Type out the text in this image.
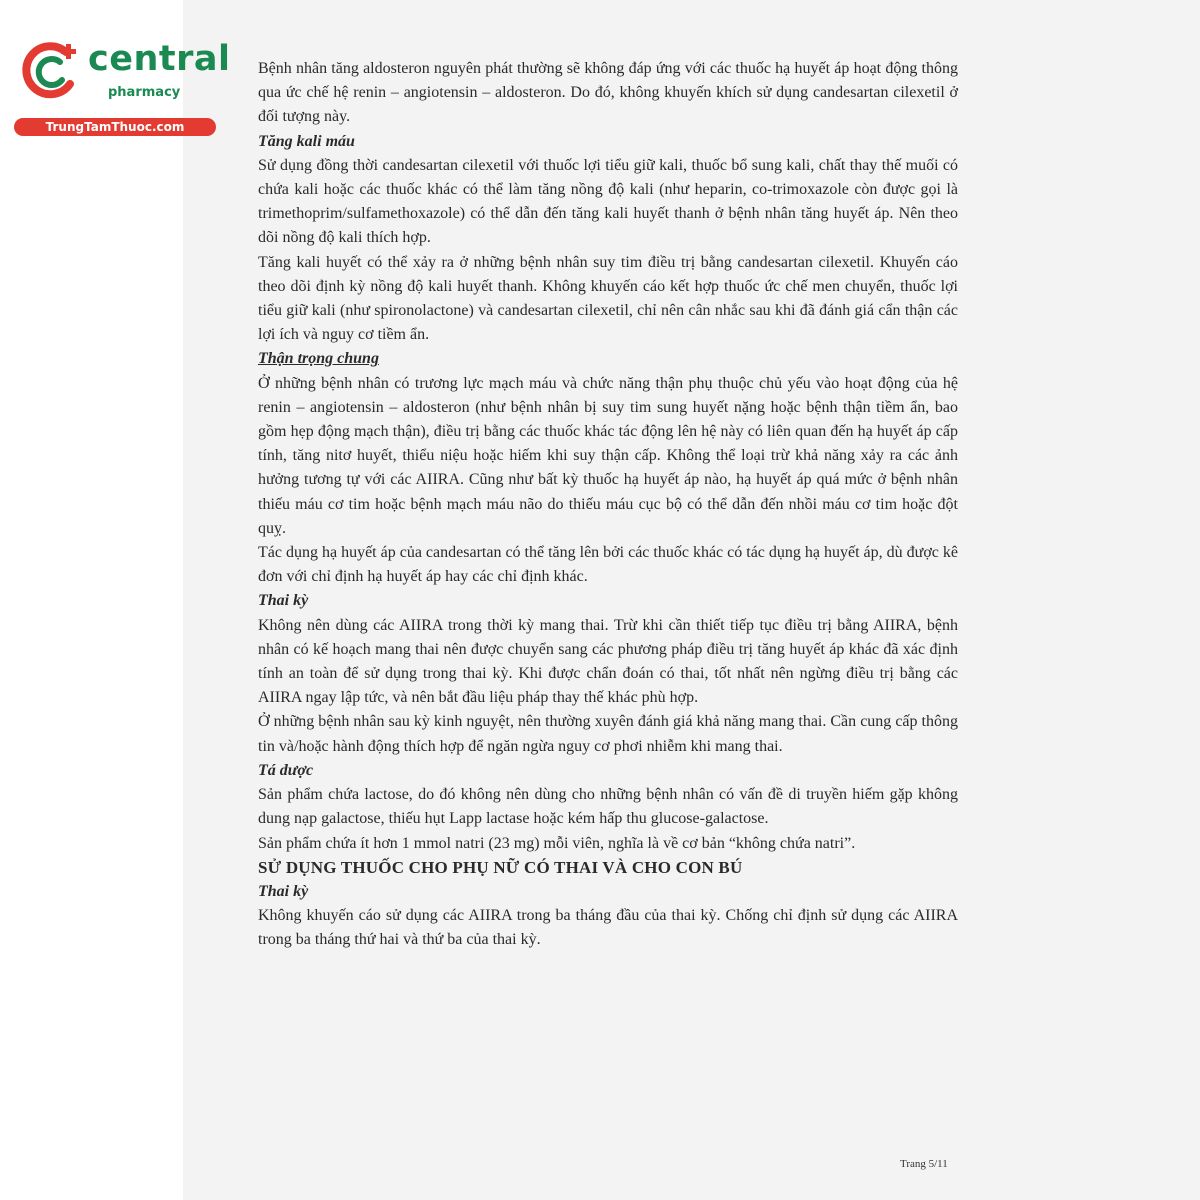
central
pharmacy
TrungTamThuoc.com

Bệnh nhân tăng aldosteron nguyên phát thường sẽ không đáp ứng với các thuốc hạ huyết áp hoạt động thông qua ức chế hệ renin – angiotensin – aldosteron. Do đó, không khuyến khích sử dụng candesartan cilexetil ở đối tượng này.

Tăng kali máu

Sử dụng đồng thời candesartan cilexetil với thuốc lợi tiểu giữ kali, thuốc bổ sung kali, chất thay thế muối có chứa kali hoặc các thuốc khác có thể làm tăng nồng độ kali (như heparin, co-trimoxazole còn được gọi là trimethoprim/sulfamethoxazole) có thể dẫn đến tăng kali huyết thanh ở bệnh nhân tăng huyết áp. Nên theo dõi nồng độ kali thích hợp.

Tăng kali huyết có thể xảy ra ở những bệnh nhân suy tim điều trị bằng candesartan cilexetil. Khuyến cáo theo dõi định kỳ nồng độ kali huyết thanh. Không khuyến cáo kết hợp thuốc ức chế men chuyển, thuốc lợi tiểu giữ kali (như spironolactone) và candesartan cilexetil, chỉ nên cân nhắc sau khi đã đánh giá cẩn thận các lợi ích và nguy cơ tiềm ẩn.

Thận trọng chung

Ở những bệnh nhân có trương lực mạch máu và chức năng thận phụ thuộc chủ yếu vào hoạt động của hệ renin – angiotensin – aldosteron (như bệnh nhân bị suy tim sung huyết nặng hoặc bệnh thận tiềm ẩn, bao gồm hẹp động mạch thận), điều trị bằng các thuốc khác tác động lên hệ này có liên quan đến hạ huyết áp cấp tính, tăng nitơ huyết, thiểu niệu hoặc hiếm khi suy thận cấp. Không thể loại trừ khả năng xảy ra các ảnh hưởng tương tự với các AIIRA. Cũng như bất kỳ thuốc hạ huyết áp nào, hạ huyết áp quá mức ở bệnh nhân thiếu máu cơ tim hoặc bệnh mạch máu não do thiếu máu cục bộ có thể dẫn đến nhồi máu cơ tim hoặc đột quỵ.

Tác dụng hạ huyết áp của candesartan có thể tăng lên bởi các thuốc khác có tác dụng hạ huyết áp, dù được kê đơn với chỉ định hạ huyết áp hay các chỉ định khác.

Thai kỳ

Không nên dùng các AIIRA trong thời kỳ mang thai. Trừ khi cần thiết tiếp tục điều trị bằng AIIRA, bệnh nhân có kế hoạch mang thai nên được chuyển sang các phương pháp điều trị tăng huyết áp khác đã xác định tính an toàn để sử dụng trong thai kỳ. Khi được chẩn đoán có thai, tốt nhất nên ngừng điều trị bằng các AIIRA ngay lập tức, và nên bắt đầu liệu pháp thay thế khác phù hợp.

Ở những bệnh nhân sau kỳ kinh nguyệt, nên thường xuyên đánh giá khả năng mang thai. Cần cung cấp thông tin và/hoặc hành động thích hợp để ngăn ngừa nguy cơ phơi nhiễm khi mang thai.

Tá dược

Sản phẩm chứa lactose, do đó không nên dùng cho những bệnh nhân có vấn đề di truyền hiếm gặp không dung nạp galactose, thiếu hụt Lapp lactase hoặc kém hấp thu glucose-galactose.

Sản phẩm chứa ít hơn 1 mmol natri (23 mg) mỗi viên, nghĩa là về cơ bản “không chứa natri”.

SỬ DỤNG THUỐC CHO PHỤ NỮ CÓ THAI VÀ CHO CON BÚ

Thai kỳ

Không khuyến cáo sử dụng các AIIRA trong ba tháng đầu của thai kỳ. Chống chỉ định sử dụng các AIIRA trong ba tháng thứ hai và thứ ba của thai kỳ.

Trang 5/11
